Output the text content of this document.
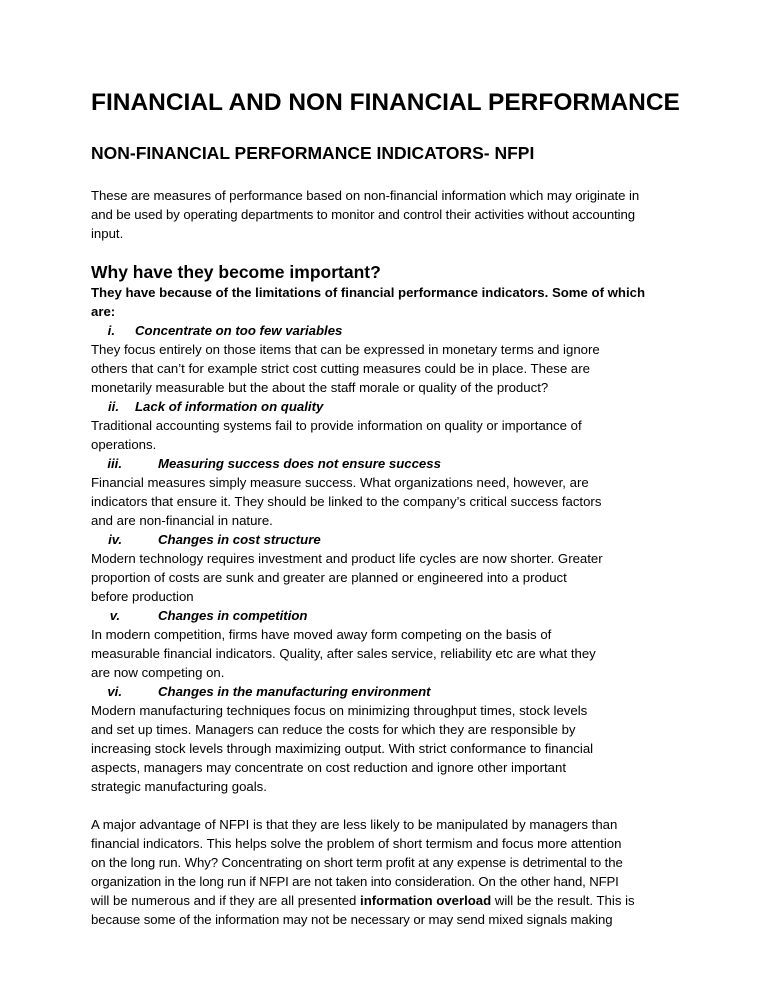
FINANCIAL AND NON FINANCIAL PERFORMANCE
NON-FINANCIAL PERFORMANCE INDICATORS- NFPI
These are measures of performance based on non-financial information which may originate in
and be used by operating departments to monitor and control their activities without accounting
input.
Why have they become important?
They have because of the limitations of financial performance indicators. Some of which
are:
i. Concentrate on too few variables
They focus entirely on those items that can be expressed in monetary terms and ignore
others that can’t for example strict cost cutting measures could be in place. These are
monetarily measurable but the about the staff morale or quality of the product?
ii. Lack of information on quality
Traditional accounting systems fail to provide information on quality or importance of
operations.
iii.	Measuring success does not ensure success
Financial measures simply measure success. What organizations need, however, are
indicators that ensure it. They should be linked to the company’s critical success factors
and are non-financial in nature.
iv.	Changes in cost structure
Modern technology requires investment and product life cycles are now shorter. Greater
proportion of costs are sunk and greater are planned or engineered into a product
before production
v.	Changes in competition
In modern competition, firms have moved away form competing on the basis of
measurable financial indicators. Quality, after sales service, reliability etc are what they
are now competing on.
vi.	Changes in the manufacturing environment
Modern manufacturing techniques focus on minimizing throughput times, stock levels
and set up times. Managers can reduce the costs for which they are responsible by
increasing stock levels through maximizing output. With strict conformance to financial
aspects, managers may concentrate on cost reduction and ignore other important
strategic manufacturing goals.
A major advantage of NFPI is that they are less likely to be manipulated by managers than
financial indicators. This helps solve the problem of short termism and focus more attention
on the long run. Why? Concentrating on short term profit at any expense is detrimental to the
organization in the long run if NFPI are not taken into consideration. On the other hand, NFPI
will be numerous and if they are all presented information overload will be the result. This is
because some of the information may not be necessary or may send mixed signals making
